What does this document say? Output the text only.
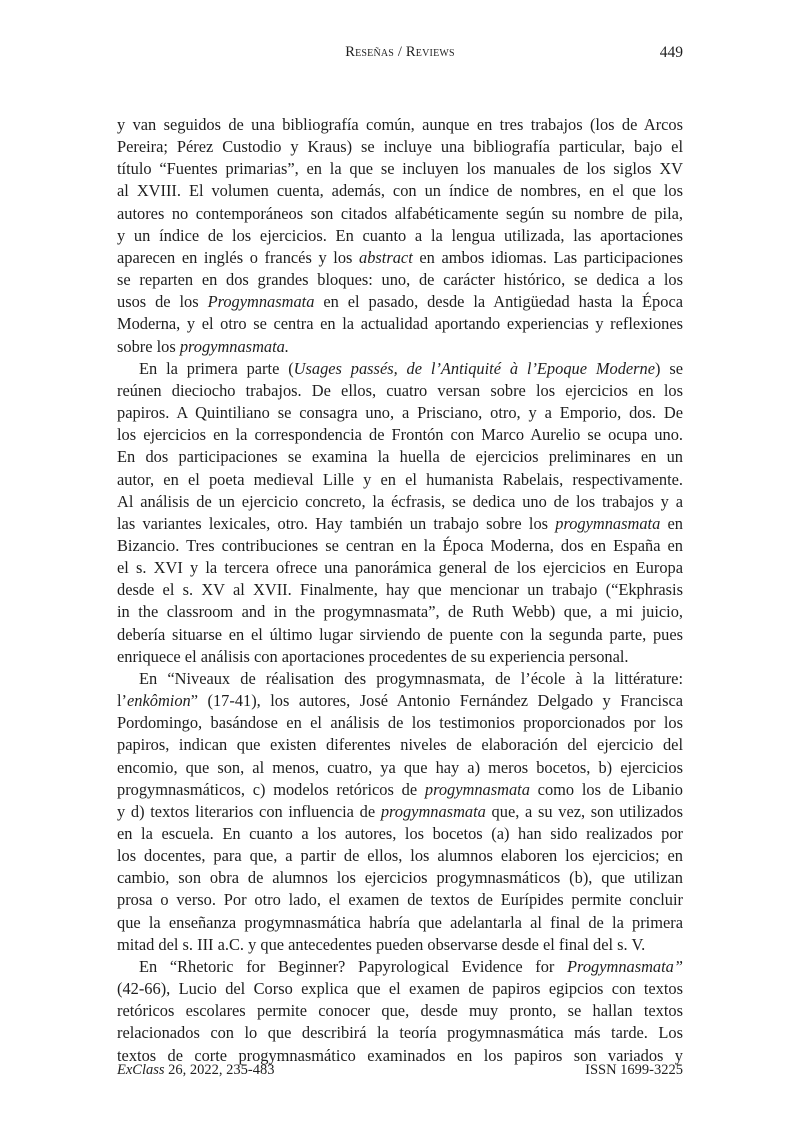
Reseñas / Reviews	449
y van seguidos de una bibliografía común, aunque en tres trabajos (los de Arcos
Pereira; Pérez Custodio y Kraus) se incluye una bibliografía particular, bajo el
título “Fuentes primarias”, en la que se incluyen los manuales de los siglos XV
al XVIII. El volumen cuenta, además, con un índice de nombres, en el que los
autores no contemporáneos son citados alfabéticamente según su nombre de pila,
y un índice de los ejercicios. En cuanto a la lengua utilizada, las aportaciones
aparecen en inglés o francés y los abstract en ambos idiomas. Las participaciones
se reparten en dos grandes bloques: uno, de carácter histórico, se dedica a los
usos de los Progymnasmata en el pasado, desde la Antigüedad hasta la Época
Moderna, y el otro se centra en la actualidad aportando experiencias y reflexiones
sobre los progymnasmata.
En la primera parte (Usages passés, de l’Antiquité à l’Epoque Moderne) se
reúnen dieciocho trabajos. De ellos, cuatro versan sobre los ejercicios en los
papiros. A Quintiliano se consagra uno, a Prisciano, otro, y a Emporio, dos. De
los ejercicios en la correspondencia de Frontón con Marco Aurelio se ocupa uno.
En dos participaciones se examina la huella de ejercicios preliminares en un
autor, en el poeta medieval Lille y en el humanista Rabelais, respectivamente.
Al análisis de un ejercicio concreto, la écfrasis, se dedica uno de los trabajos y a
las variantes lexicales, otro. Hay también un trabajo sobre los progymnasmata en
Bizancio. Tres contribuciones se centran en la Época Moderna, dos en España en
el s. XVI y la tercera ofrece una panorámica general de los ejercicios en Europa
desde el s. XV al XVII. Finalmente, hay que mencionar un trabajo (“Ekphrasis
in the classroom and in the progymnasmata”, de Ruth Webb) que, a mi juicio,
debería situarse en el último lugar sirviendo de puente con la segunda parte, pues
enriquece el análisis con aportaciones procedentes de su experiencia personal.
En “Niveaux de réalisation des progymnasmata, de l’école à la littérature:
l’enkômion” (17-41), los autores, José Antonio Fernández Delgado y Francisca
Pordomingo, basándose en el análisis de los testimonios proporcionados por los
papiros, indican que existen diferentes niveles de elaboración del ejercicio del
encomio, que son, al menos, cuatro, ya que hay a) meros bocetos, b) ejercicios
progymnasmáticos, c) modelos retóricos de progymnasmata como los de Libanio
y d) textos literarios con influencia de progymnasmata que, a su vez, son utilizados
en la escuela. En cuanto a los autores, los bocetos (a) han sido realizados por
los docentes, para que, a partir de ellos, los alumnos elaboren los ejercicios; en
cambio, son obra de alumnos los ejercicios progymnasmáticos (b), que utilizan
prosa o verso. Por otro lado, el examen de textos de Eurípides permite concluir
que la enseñanza progymnasmática habría que adelantarla al final de la primera
mitad del s. III a.C. y que antecedentes pueden observarse desde el final del s. V.
En “Rhetoric for Beginner? Papyrological Evidence for Progymnasmata”
(42-66), Lucio del Corso explica que el examen de papiros egipcios con textos
retóricos escolares permite conocer que, desde muy pronto, se hallan textos
relacionados con lo que describirá la teoría progymnasmática más tarde. Los
textos de corte progymnasmático examinados en los papiros son variados y
ExClass 26, 2022, 235-483	ISSN 1699-3225
